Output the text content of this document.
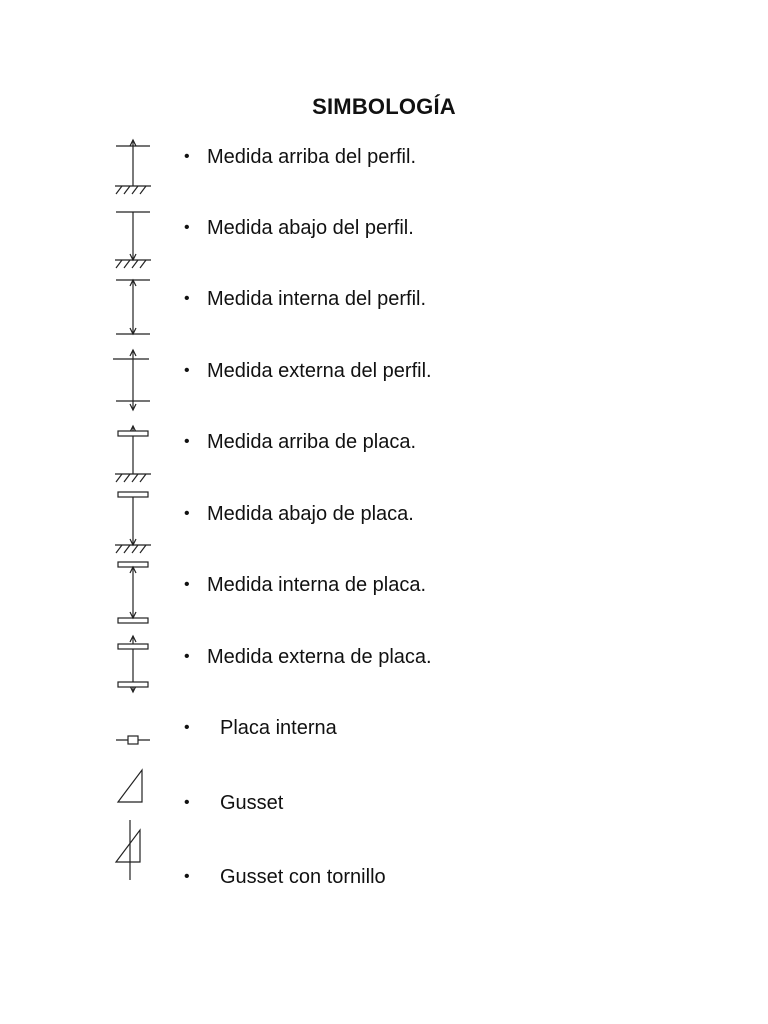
SIMBOLOGÍA
• Medida arriba del perfil.
• Medida abajo del perfil.
• Medida interna del perfil.
• Medida externa del perfil.
• Medida arriba de placa.
• Medida abajo de placa.
• Medida interna de placa.
• Medida externa de placa.
• Placa interna
• Gusset
• Gusset con tornillo
